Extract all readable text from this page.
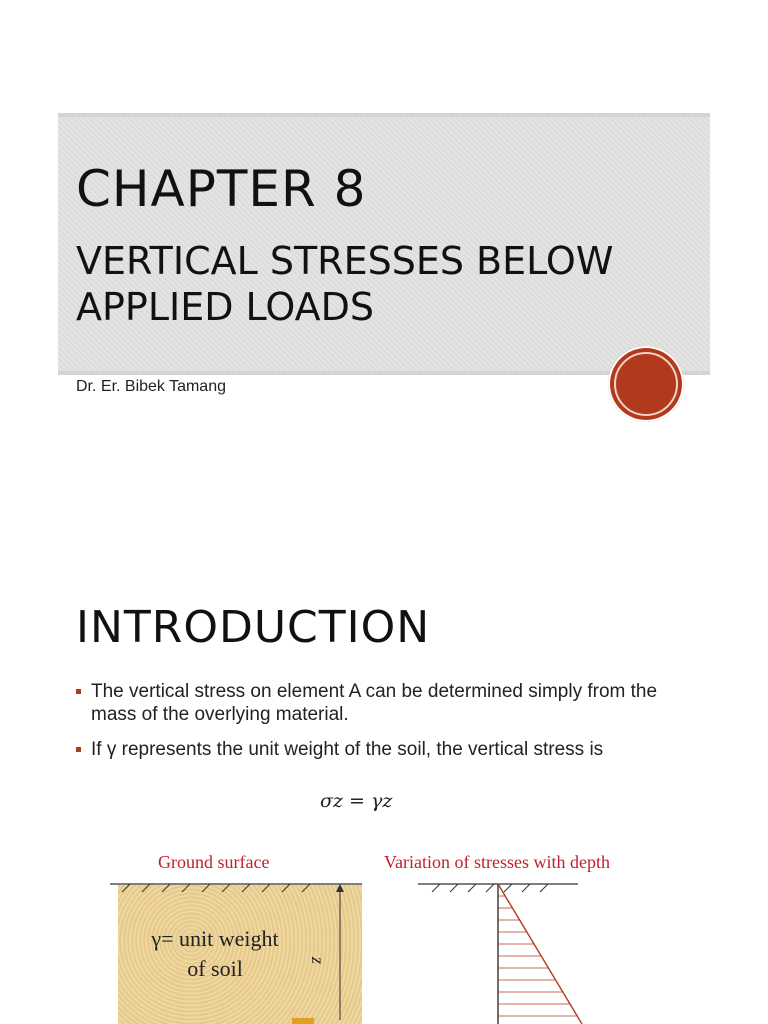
CHAPTER 8
VERTICAL STRESSES BELOW APPLIED LOADS
Dr. Er. Bibek Tamang
INTRODUCTION
The vertical stress on element A can be determined simply from the mass of the overlying material.
If γ represents the unit weight of the soil, the vertical stress is
σz = γz
Ground surface	Variation of stresses with depth
γ= unit weight
of soil	z
